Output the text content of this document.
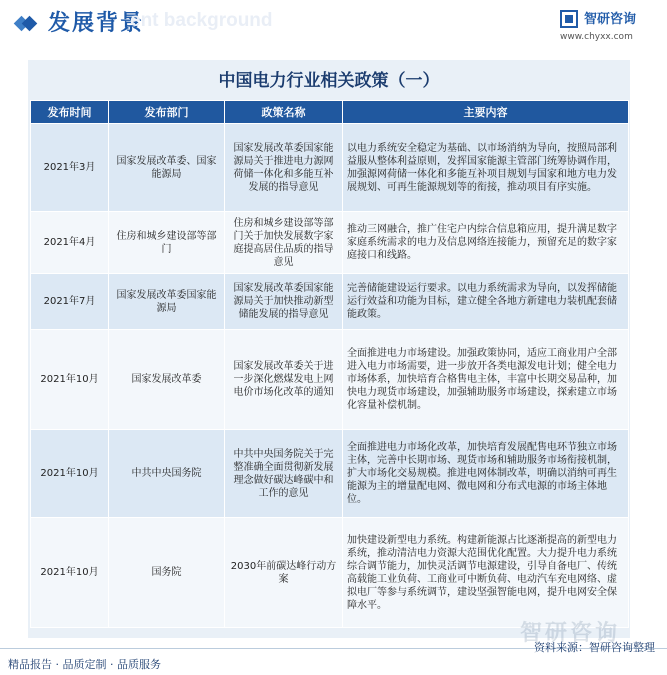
发展背景
ent background	智研咨询
www.chyxx.com
中国电力行业相关政策（一）
发布时间	发布部门	政策名称	主要内容
2021年3月	国家发展改革委、国家能源局	国家发展改革委国家能源局关于推进电力源网荷储一体化和多能互补发展的指导意见	以电力系统安全稳定为基础、以市场消纳为导向，按照局部利益服从整体利益原则，发挥国家能源主管部门统筹协调作用，加强源网荷储一体化和多能互补项目规划与国家和地方电力发展规划、可再生能源规划等的衔接，推动项目有序实施。
2021年4月	住房和城乡建设部等部门	住房和城乡建设部等部门关于加快发展数字家庭提高居住品质的指导意见	推动三网融合，推广住宅户内综合信息箱应用，提升满足数字家庭系统需求的电力及信息网络连接能力，预留充足的数字家庭接口和线路。
2021年7月	国家发展改革委国家能源局	国家发展改革委国家能源局关于加快推动新型储能发展的指导意见	完善储能建设运行要求。以电力系统需求为导向，以发挥储能运行效益和功能为目标，建立健全各地方新建电力装机配套储能政策。
2021年10月	国家发展改革委	国家发展改革委关于进一步深化燃煤发电上网电价市场化改革的通知	全面推进电力市场建设。加强政策协同，适应工商业用户全部进入电力市场需要，进一步放开各类电源发电计划；健全电力市场体系，加快培育合格售电主体，丰富中长期交易品种，加快电力现货市场建设，加强辅助服务市场建设，探索建立市场化容量补偿机制。
2021年10月	中共中央国务院	中共中央国务院关于完整准确全面贯彻新发展理念做好碳达峰碳中和工作的意见	全面推进电力市场化改革，加快培育发展配售电环节独立市场主体，完善中长期市场、现货市场和辅助服务市场衔接机制，扩大市场化交易规模。推进电网体制改革，明确以消纳可再生能源为主的增量配电网、微电网和分布式电源的市场主体地位。
2021年10月	国务院	2030年前碳达峰行动方案	加快建设新型电力系统。构建新能源占比逐渐提高的新型电力系统，推动清洁电力资源大范围优化配置。大力提升电力系统综合调节能力，加快灵活调节电源建设，引导自备电厂、传统高载能工业负荷、工商业可中断负荷、电动汽车充电网络、虚拟电厂等参与系统调节，建设坚强智能电网，提升电网安全保障水平。
智研咨询
精品报告 · 品质定制 · 品质服务
资料来源：智研咨询整理
